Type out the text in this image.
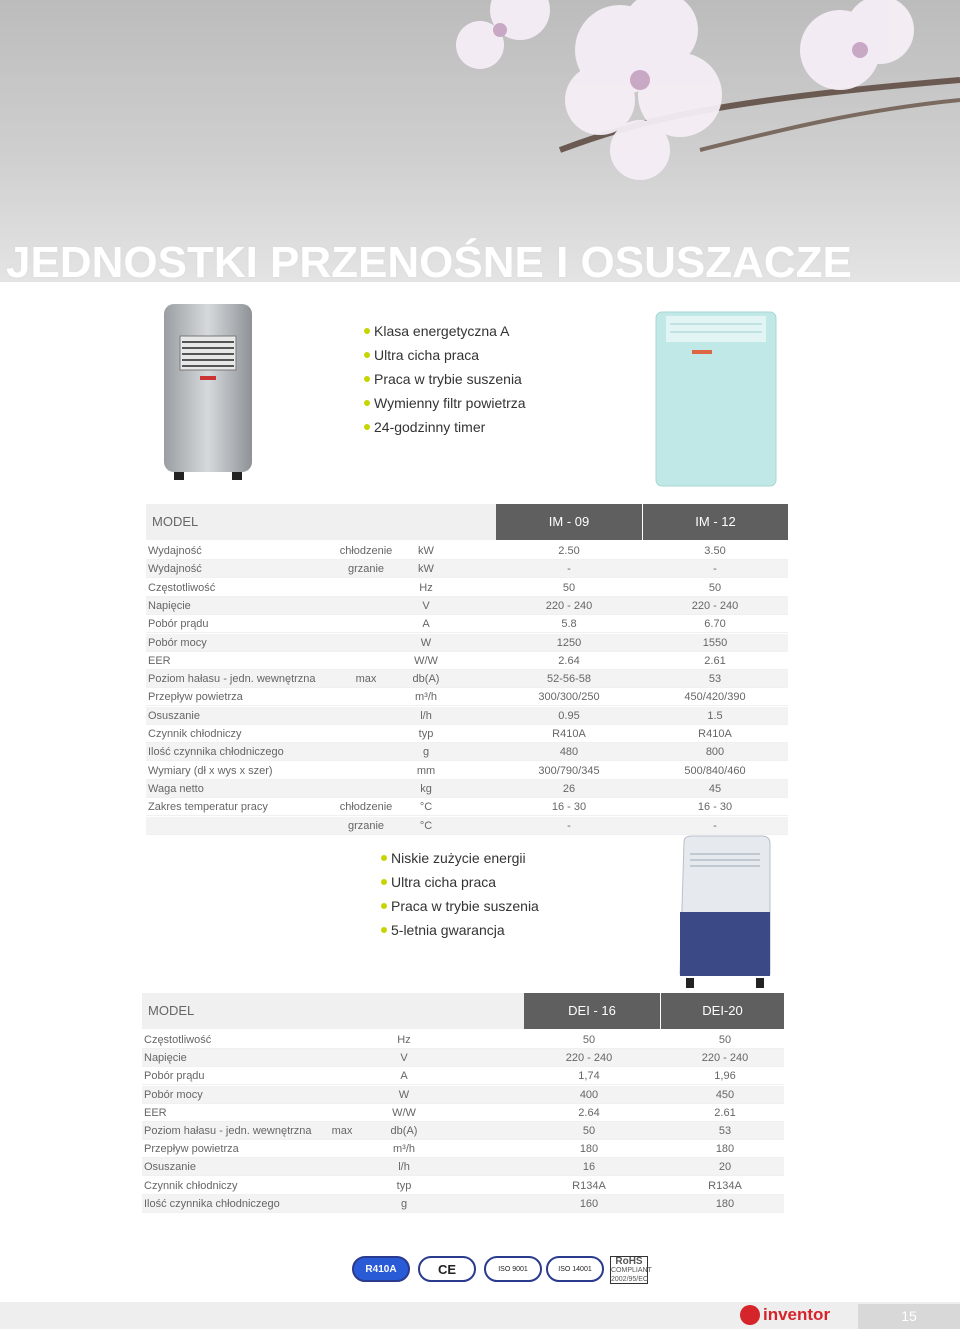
JEDNOSTKI PRZENOŚNE I OSUSZACZE
Klasa energetyczna A
Ultra cicha praca
Praca w trybie suszenia
Wymienny filtr powietrza
24-godzinny timer
MODEL	IM - 09	IM - 12
Wydajność	chłodzenie	kW	2.50	3.50
Wydajność	grzanie	kW	-	-
Częstotliwość	Hz	50	50
Napięcie	V	220 - 240	220 - 240
Pobór prądu	A	5.8	6.70
Pobór mocy	W	1250	1550
EER	W/W	2.64	2.61
Poziom hałasu - jedn. wewnętrzna	max	db(A)	52-56-58	53
Przepływ powietrza	m³/h	300/300/250	450/420/390
Osuszanie	l/h	0.95	1.5
Czynnik chłodniczy	typ	R410A	R410A
Ilość czynnika chłodniczego	g	480	800
Wymiary (dł x wys x szer)	mm	300/790/345	500/840/460
Waga netto	kg	26	45
Zakres temperatur pracy	chłodzenie	°C	16 - 30	16 - 30
grzanie	°C	-	-
Niskie zużycie energii
Ultra cicha praca
Praca w trybie suszenia
5-letnia gwarancja
MODEL	DEI - 16	DEI-20
Częstotliwość	Hz	50	50
Napięcie	V	220 - 240	220 - 240
Pobór prądu	A	1,74	1,96
Pobór mocy	W	400	450
EER	W/W	2.64	2.61
Poziom hałasu - jedn. wewnętrzna	max	db(A)	50	53
Przepływ powietrza	m³/h	180	180
Osuszanie	l/h	16	20
Czynnik chłodniczy	typ	R134A	R134A
Ilość czynnika chłodniczego	g	160	180
R410A	CE	ISO 9001	ISO 14001
RoHS
COMPLIANT
2002/95/EC
inventor	15
